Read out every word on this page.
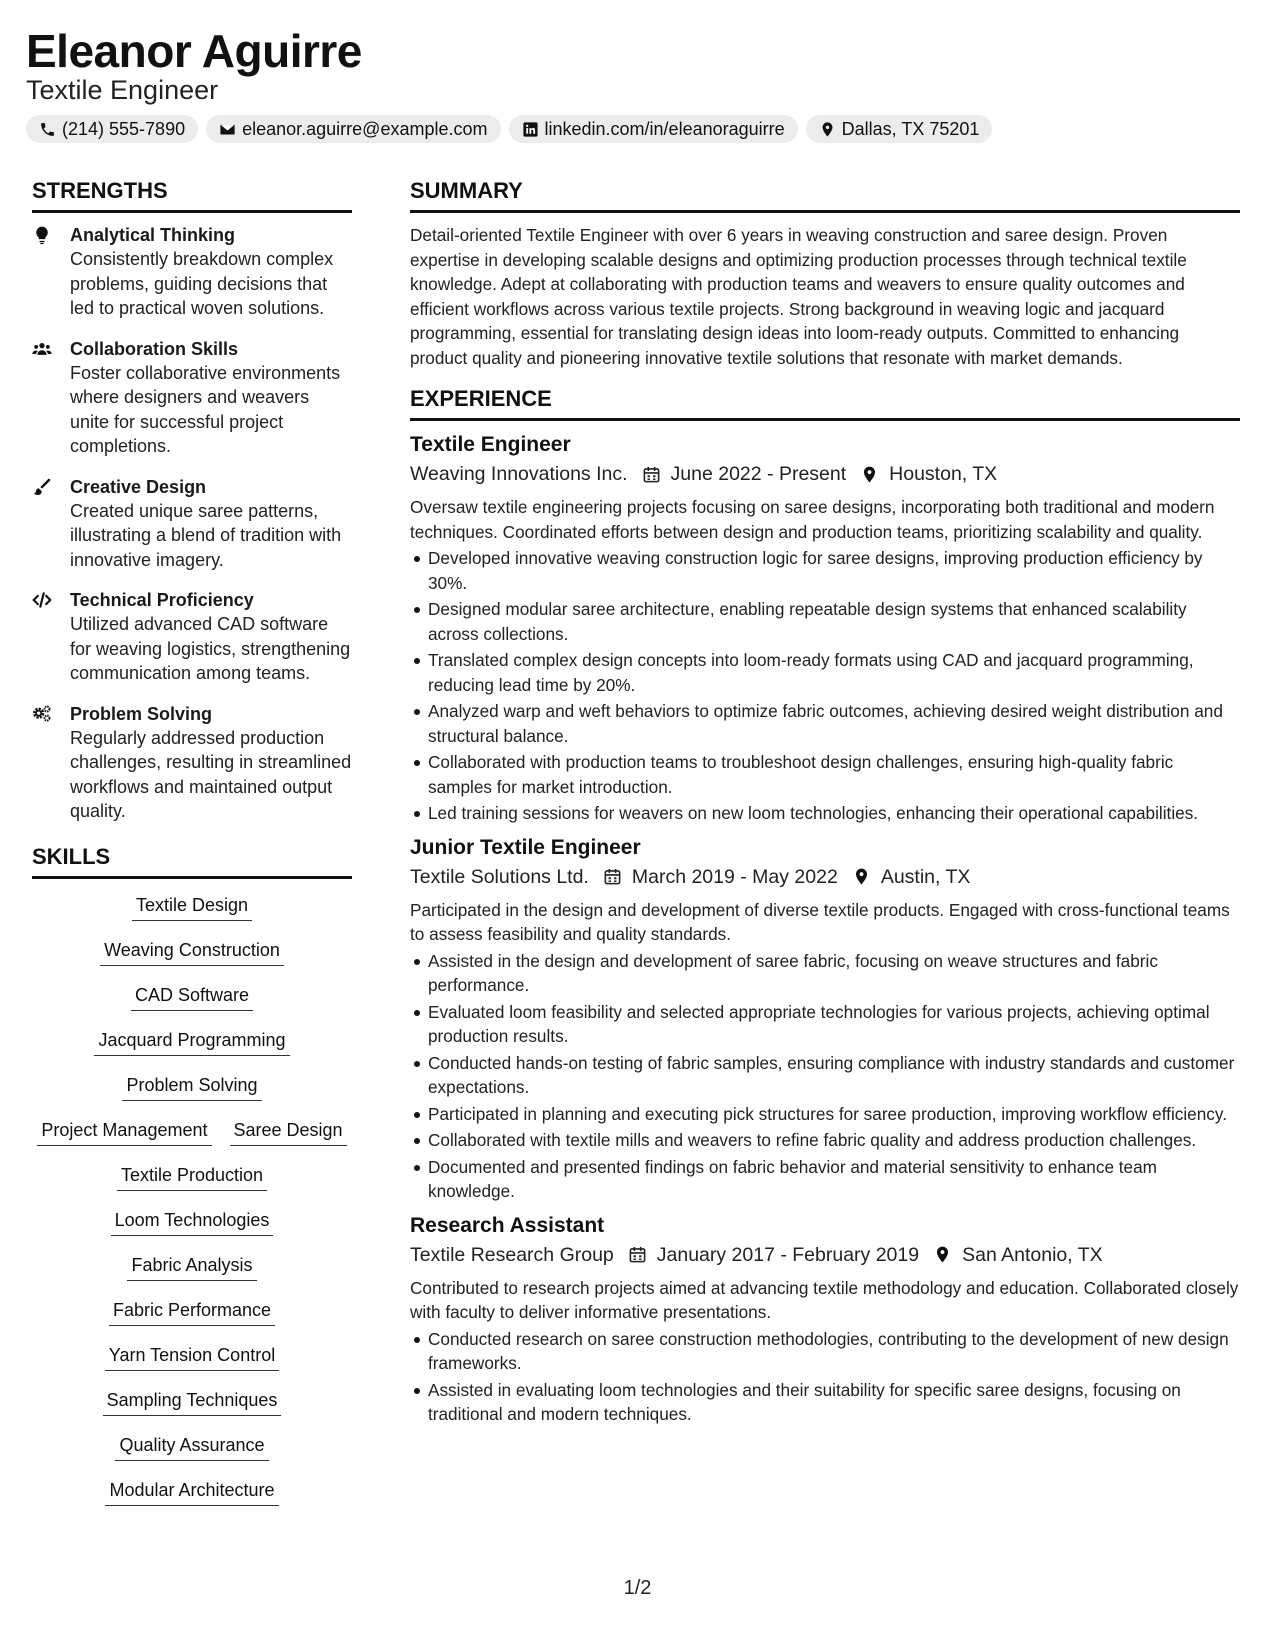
Eleanor Aguirre
Textile Engineer
(214) 555-7890	eleanor.aguirre@example.com	linkedin.com/in/eleanoraguirre	Dallas, TX 75201
STRENGTHS
Analytical Thinking
Consistently breakdown complex problems, guiding decisions that led to practical woven solutions.
Collaboration Skills
Foster collaborative environments where designers and weavers unite for successful project completions.
Creative Design
Created unique saree patterns, illustrating a blend of tradition with innovative imagery.
Technical Proficiency
Utilized advanced CAD software for weaving logistics, strengthening communication among teams.
Problem Solving
Regularly addressed production challenges, resulting in streamlined workflows and maintained output quality.
SKILLS
Textile Design
Weaving Construction
CAD Software
Jacquard Programming
Problem Solving
Project Management Saree Design
Textile Production
Loom Technologies
Fabric Analysis
Fabric Performance
Yarn Tension Control
Sampling Techniques
Quality Assurance
Modular Architecture
SUMMARY
Detail-oriented Textile Engineer with over 6 years in weaving construction and saree design. Proven expertise in developing scalable designs and optimizing production processes through technical textile knowledge. Adept at collaborating with production teams and weavers to ensure quality outcomes and efficient workflows across various textile projects. Strong background in weaving logic and jacquard programming, essential for translating design ideas into loom-ready outputs. Committed to enhancing product quality and pioneering innovative textile solutions that resonate with market demands.
EXPERIENCE
Textile Engineer
Weaving Innovations Inc. June 2022 - Present Houston, TX
Oversaw textile engineering projects focusing on saree designs, incorporating both traditional and modern techniques. Coordinated efforts between design and production teams, prioritizing scalability and quality.
Developed innovative weaving construction logic for saree designs, improving production efficiency by 30%.
Designed modular saree architecture, enabling repeatable design systems that enhanced scalability across collections.
Translated complex design concepts into loom-ready formats using CAD and jacquard programming, reducing lead time by 20%.
Analyzed warp and weft behaviors to optimize fabric outcomes, achieving desired weight distribution and structural balance.
Collaborated with production teams to troubleshoot design challenges, ensuring high-quality fabric samples for market introduction.
Led training sessions for weavers on new loom technologies, enhancing their operational capabilities.
Junior Textile Engineer
Textile Solutions Ltd. March 2019 - May 2022 Austin, TX
Participated in the design and development of diverse textile products. Engaged with cross-functional teams to assess feasibility and quality standards.
Assisted in the design and development of saree fabric, focusing on weave structures and fabric performance.
Evaluated loom feasibility and selected appropriate technologies for various projects, achieving optimal production results.
Conducted hands-on testing of fabric samples, ensuring compliance with industry standards and customer expectations.
Participated in planning and executing pick structures for saree production, improving workflow efficiency.
Collaborated with textile mills and weavers to refine fabric quality and address production challenges.
Documented and presented findings on fabric behavior and material sensitivity to enhance team knowledge.
Research Assistant
Textile Research Group January 2017 - February 2019 San Antonio, TX
Contributed to research projects aimed at advancing textile methodology and education. Collaborated closely with faculty to deliver informative presentations.
Conducted research on saree construction methodologies, contributing to the development of new design frameworks.
Assisted in evaluating loom technologies and their suitability for specific saree designs, focusing on traditional and modern techniques.
1/2
